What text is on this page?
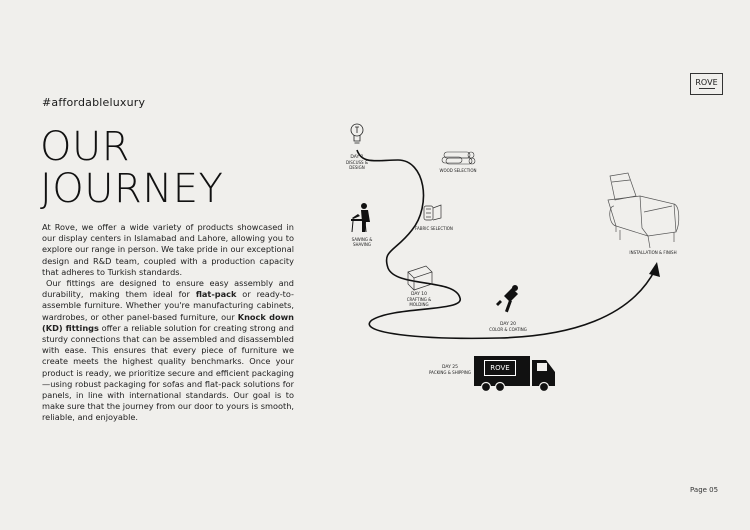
#affordableluxury
OUR
JOURNEY

At Rove, we offer a wide variety of products showcased in our display centers in Islamabad and Lahore, allowing you to explore our range in person. We take pride in our exceptional design and R&D team, coupled with a production capacity that adheres to Turkish standards.

Our fittings are designed to ensure easy assembly and durability, making them ideal for flat-pack or ready-to-assemble furniture. Whether you're manufacturing cabinets, wardrobes, or other panel-based furniture, our Knock down (KD) fittings offer a reliable solution for creating strong and sturdy connections that can be assembled and disassembled with ease. This ensures that every piece of furniture we create meets the highest quality benchmarks. Once your product is ready, we prioritize secure and efficient packaging—using robust packaging for sofas and flat-pack solutions for panels, in line with international standards. Our goal is to make sure that the journey from our door to yours is smooth, reliable, and enjoyable.

ROVE
DAY 1
DISCUSS & DESIGN
WOOD SELECTION
SAWING & SHAVING
FABRIC SELECTION
DAY 10
CRAFTING & MOLDING
DAY 20
COLOR & COATING
DAY 25
PACKING & SHIPPING
INSTALLATION & FINISH
ROVE
Page 05
